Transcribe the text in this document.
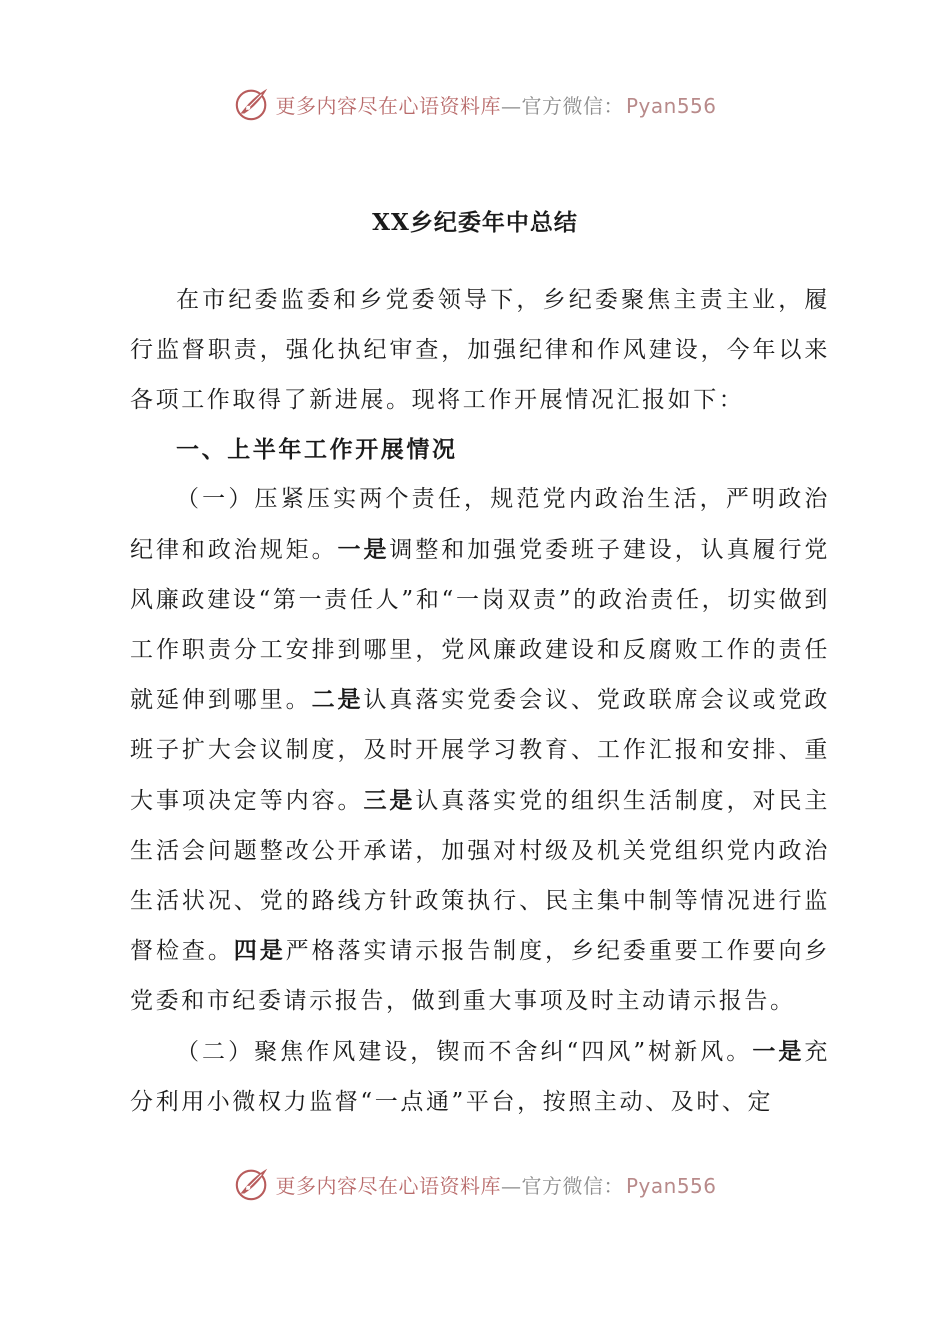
更多内容尽在心语资料库—官方微信： Pyan556
XX乡纪委年中总结

在市纪委监委和乡党委领导下，乡纪委聚焦主责主业，履行监督职责，强化执纪审查，加强纪律和作风建设，今年以来各项工作取得了新进展。现将工作开展情况汇报如下：

一、上半年工作开展情况

（一）压紧压实两个责任，规范党内政治生活，严明政治纪律和政治规矩。一是调整和加强党委班子建设，认真履行党风廉政建设“第一责任人”和“一岗双责”的政治责任，切实做到工作职责分工安排到哪里，党风廉政建设和反腐败工作的责任就延伸到哪里。二是认真落实党委会议、党政联席会议或党政班子扩大会议制度，及时开展学习教育、工作汇报和安排、重大事项决定等内容。三是认真落实党的组织生活制度，对民主生活会问题整改公开承诺，加强对村级及机关党组织党内政治生活状况、党的路线方针政策执行、民主集中制等情况进行监督检查。四是严格落实请示报告制度，乡纪委重要工作要向乡党委和市纪委请示报告，做到重大事项及时主动请示报告。

（二）聚焦作风建设，锲而不舍纠“四风”树新风。一是充分利用小微权力监督“一点通”平台，按照主动、及时、定

更多内容尽在心语资料库—官方微信： Pyan556
